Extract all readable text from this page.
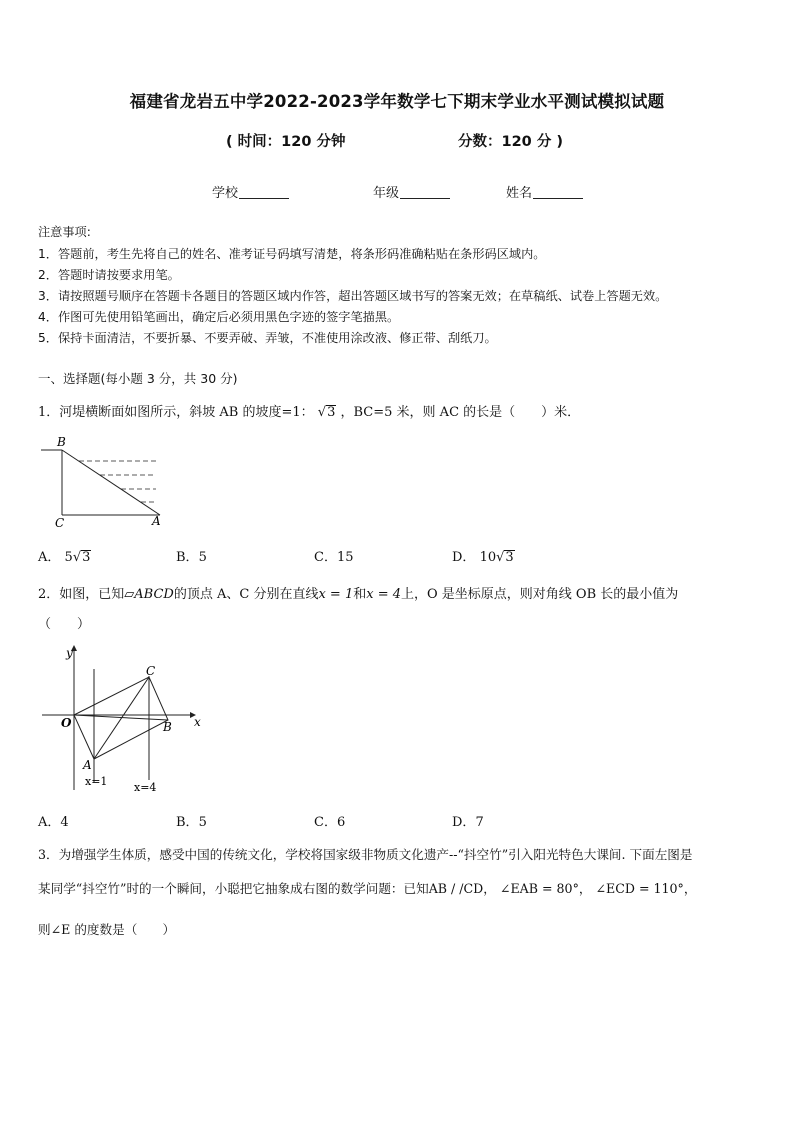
福建省龙岩五中学2022-2023学年数学七下期末学业水平测试模拟试题
( 时间：120 分钟	分数：120 分 )
学校	年级	姓名
注意事项:
1．答题前，考生先将自己的姓名、准考证号码填写清楚，将条形码准确粘贴在条形码区域内。
2．答题时请按要求用笔。
3．请按照题号顺序在答题卡各题目的答题区域内作答，超出答题区域书写的答案无效；在草稿纸、试卷上答题无效。
4．作图可先使用铅笔画出，确定后必须用黑色字迹的签字笔描黑。
5．保持卡面清洁，不要折暴、不要弄破、弄皱，不准使用涂改液、修正带、刮纸刀。
一、选择题(每小题 3 分，共 30 分)
1．河堤横断面如图所示，斜坡 AB 的坡度=1： √3 ，BC=5 米，则 AC 的长是（　　）米．
B
C	A
A． 5√3	B．5	C．15	D． 10√3
2．如图，已知▱ABCD的顶点 A、C 分别在直线x = 1和x = 4上，O 是坐标原点，则对角线 OB 长的最小值为
（　　）
y
x
O
A
B
C
x=1 x=4
A．4	B．5	C．6	D．7
3．为增强学生体质，感受中国的传统文化，学校将国家级非物质文化遗产--“抖空竹”引入阳光特色大课间. 下面左图是
某同学“抖空竹”时的一个瞬间，小聪把它抽象成右图的数学问题：已知AB / /CD， ∠EAB = 80°， ∠ECD = 110°，
则∠E 的度数是（　　）
